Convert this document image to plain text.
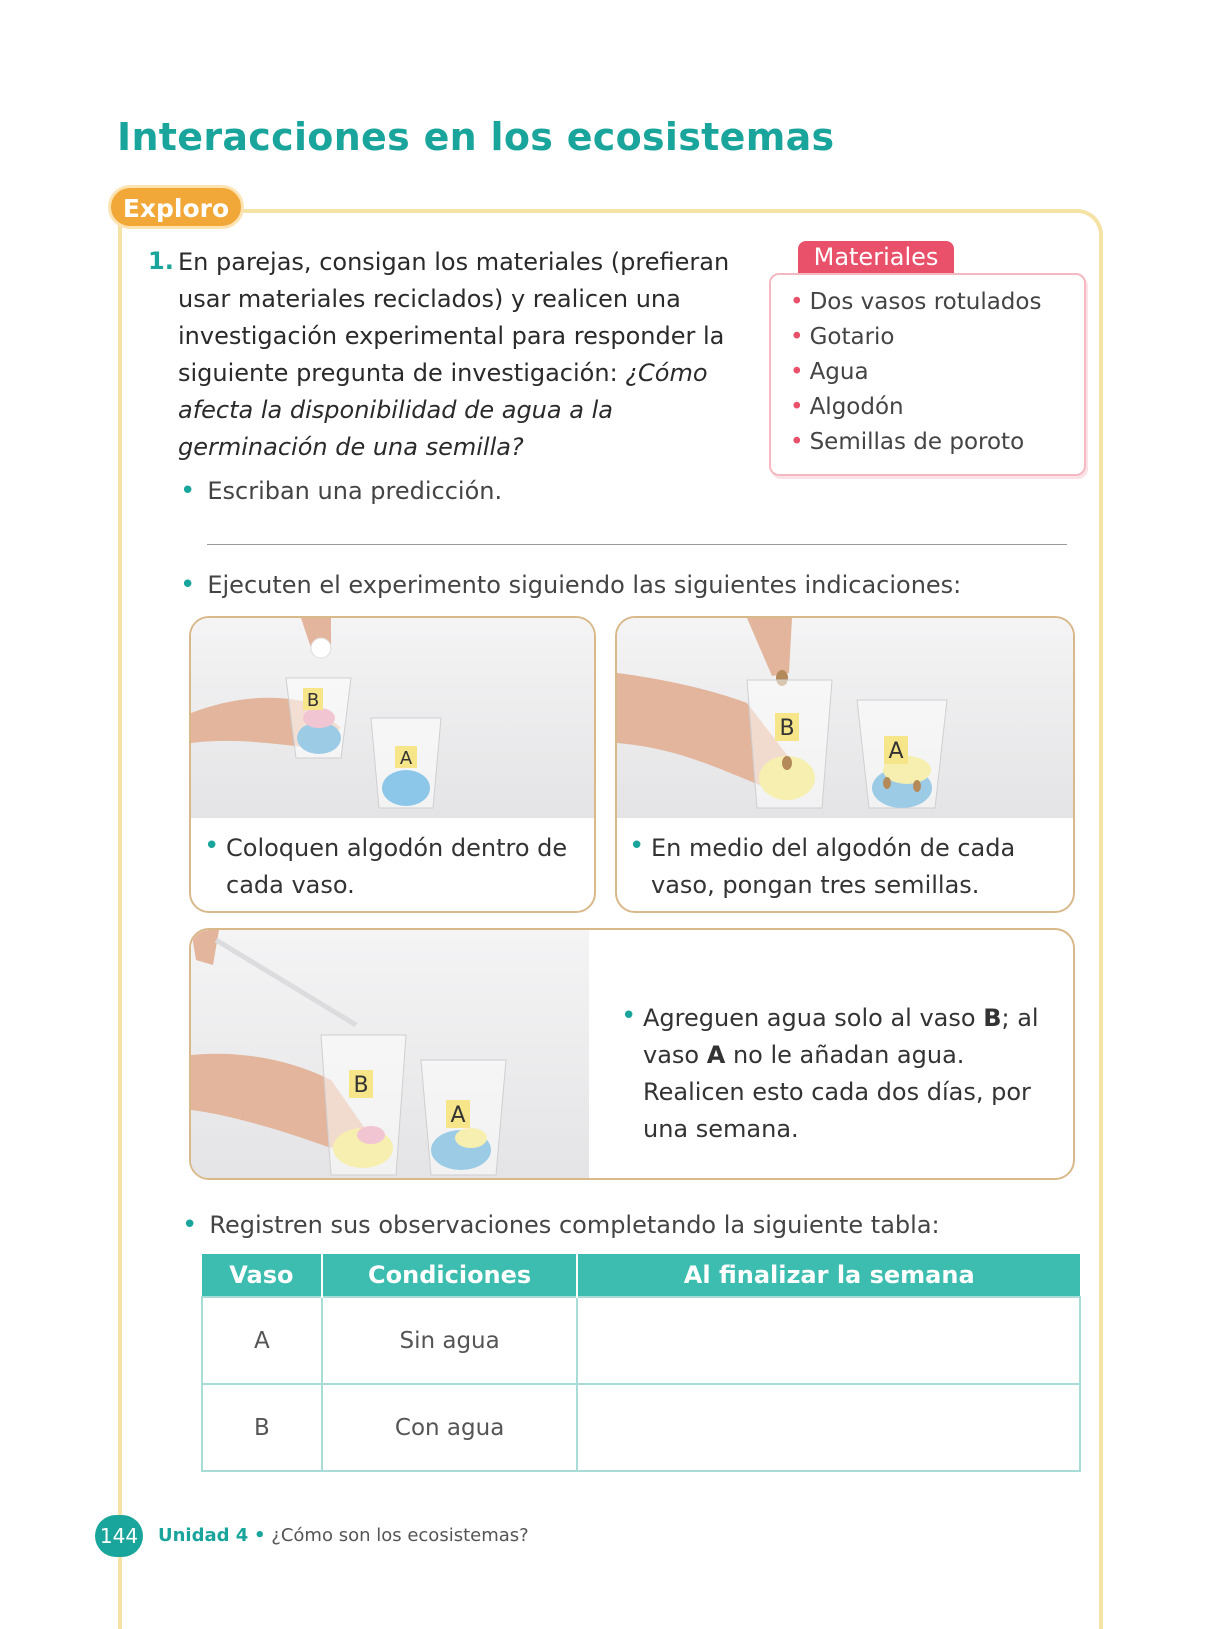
Interacciones en los ecosistemas
Exploro
1. En parejas, consigan los materiales (prefieran usar materiales reciclados) y realicen una investigación experimental para responder la siguiente pregunta de investigación: ¿Cómo afecta la disponibilidad de agua a la germinación de una semilla?

• Escriban una predicción.
Materiales
• Dos vasos rotulados
• Gotario
• Agua
• Algodón
• Semillas de poroto
• Ejecuten el experimento siguiendo las siguientes indicaciones:
B
A
• Coloquen algodón dentro de cada vaso.
B
A
• En medio del algodón de cada vaso, pongan tres semillas.
B
A
• Agreguen agua solo al vaso B; al vaso A no le añadan agua. Realicen esto cada dos días, por una semana.
• Registren sus observaciones completando la siguiente tabla:
Vaso	Condiciones	Al finalizar la semana
A	Sin agua	
B	Con agua	
144 Unidad 4 • ¿Cómo son los ecosistemas?
